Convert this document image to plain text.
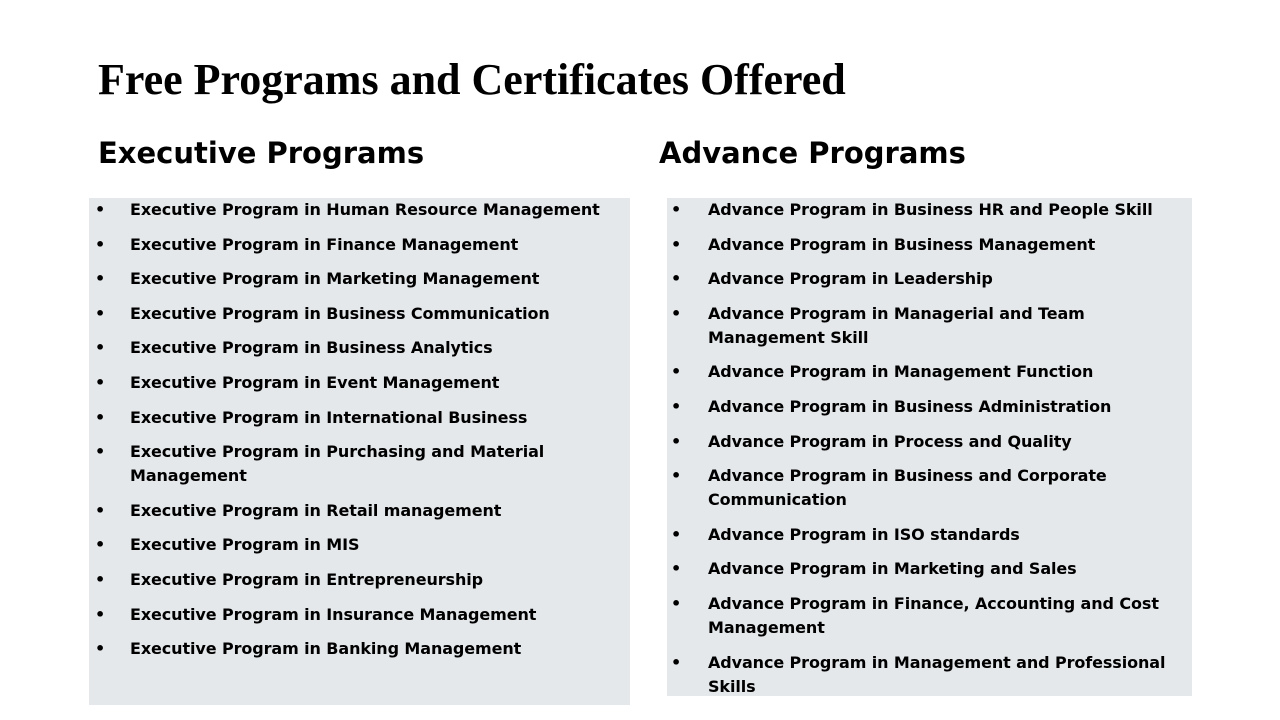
Free Programs and Certificates Offered
Executive Programs	Advance Programs
• Executive Program in Human Resource Management
• Executive Program in Finance Management
• Executive Program in Marketing Management
• Executive Program in Business Communication
• Executive Program in Business Analytics
• Executive Program in Event Management
• Executive Program in International Business
• Executive Program in Purchasing and Material Management
• Executive Program in Retail management
• Executive Program in MIS
• Executive Program in Entrepreneurship
• Executive Program in Insurance Management
• Executive Program in Banking Management
• Advance Program in Business HR and People Skill
• Advance Program in Business Management
• Advance Program in Leadership
• Advance Program in Managerial and Team Management Skill
• Advance Program in Management Function
• Advance Program in Business Administration
• Advance Program in Process and Quality
• Advance Program in Business and Corporate Communication
• Advance Program in ISO standards
• Advance Program in Marketing and Sales
• Advance Program in Finance, Accounting and Cost Management
• Advance Program in Management and Professional Skills
